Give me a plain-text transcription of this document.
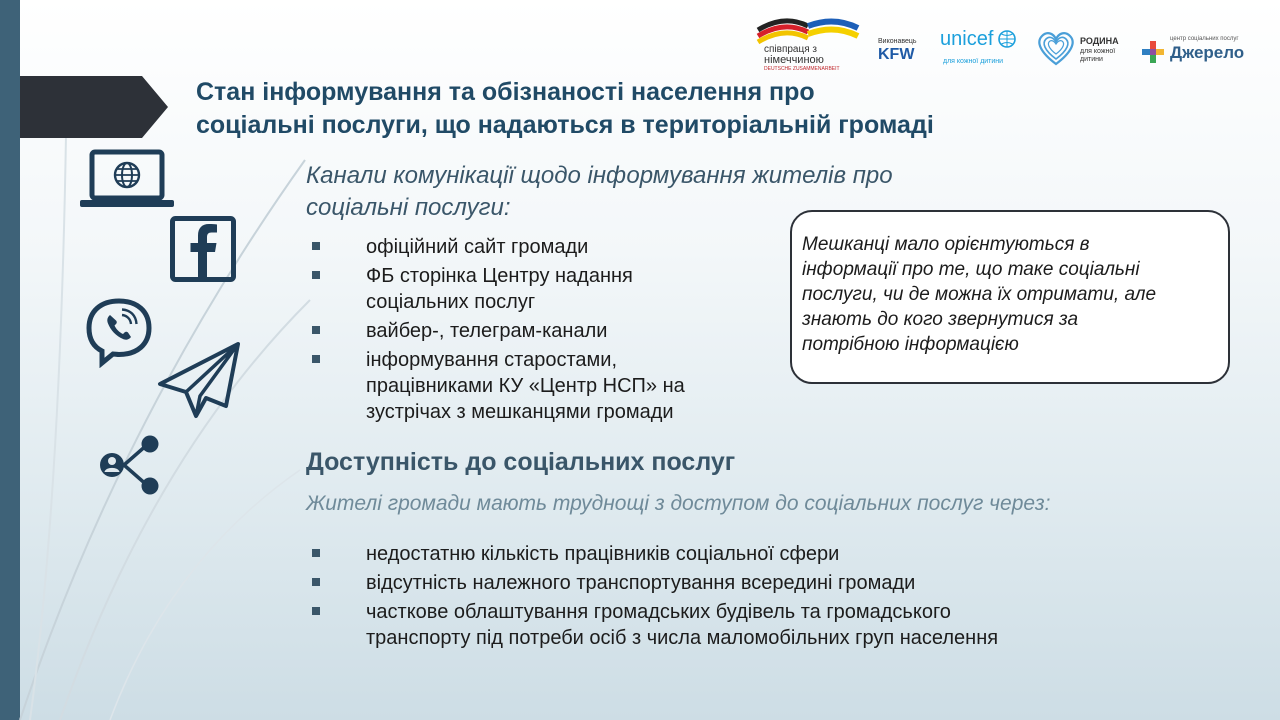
Стан інформування та обізнаності населення про
соціальні послуги, що надаються в територіальній громаді
співпраця з
німеччиною
DEUTSCHE ZUSAMMENARBEIT
Виконавець
KFW
unicef
для кожної дитини
РОДИНА
для кожної
дитини
центр соціальних послуг
Джерело
Канали комунікації щодо інформування жителів про
соціальні послуги:
офіційний сайт громади
ФБ сторінка Центру надання
соціальних послуг
вайбер-, телеграм-канали
інформування старостами,
працівниками КУ «Центр НСП» на
зустрічах з мешканцями громади

Мешканці мало орієнтуються в
інформації про те, що таке соціальні
послуги, чи де можна їх отримати, але
знають до кого звернутися за
потрібною інформацією

Доступність до соціальних послуг

Жителі громади мають труднощі з доступом до соціальних послуг через:

недостатню кількість працівників соціальної сфери
відсутність належного транспортування всередині громади
часткове облаштування громадських будівель та громадського
транспорту під потреби осіб з числа маломобільних груп населення
